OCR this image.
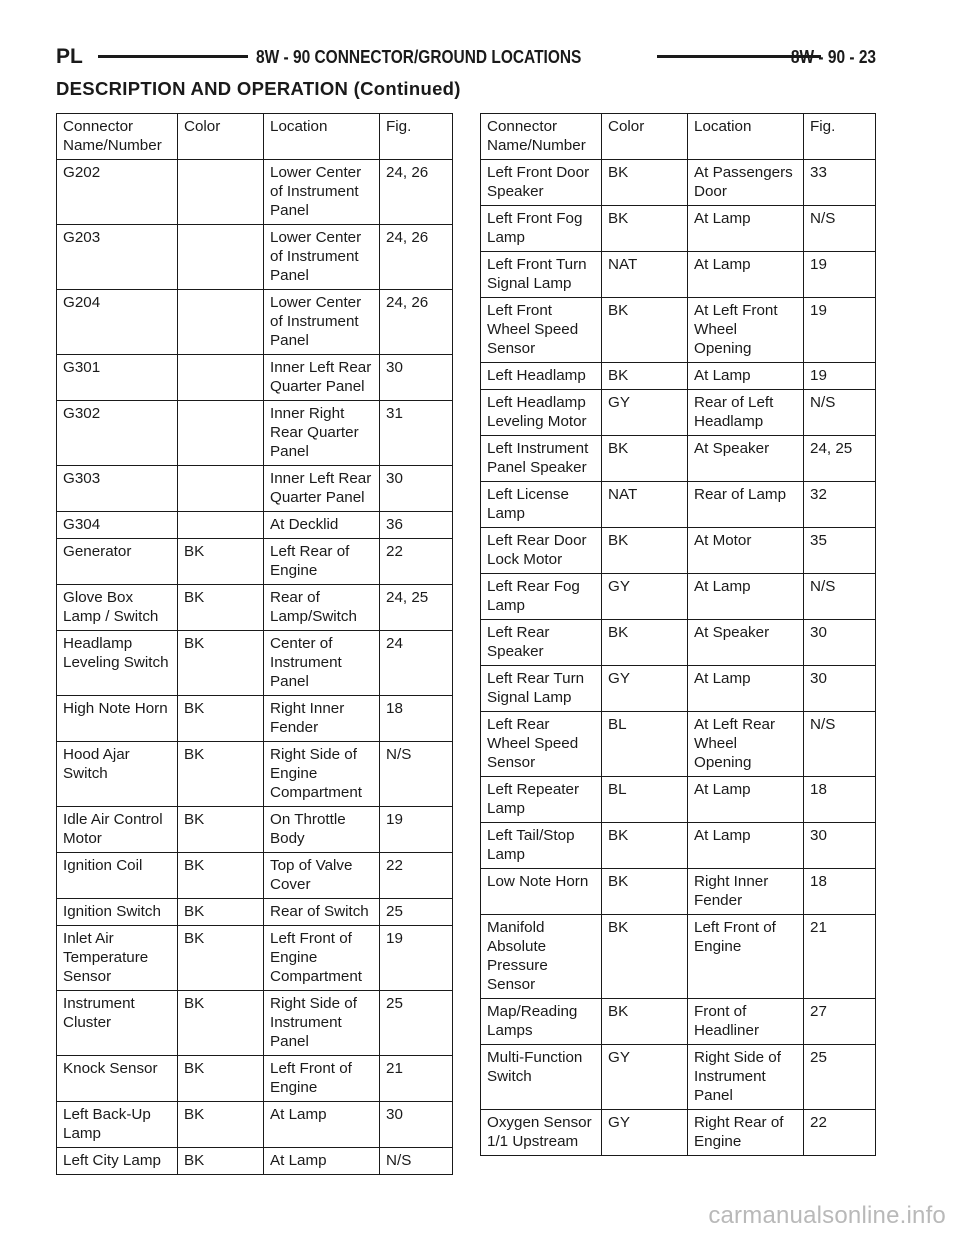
PL	8W - 90 CONNECTOR/GROUND LOCATIONS	8W - 90 - 23
DESCRIPTION AND OPERATION (Continued)
Connector Name/Number	Color	Location	Fig.
G202		Lower Center of Instrument Panel	24, 26
G203		Lower Center of Instrument Panel	24, 26
G204		Lower Center of Instrument Panel	24, 26
G301		Inner Left Rear Quarter Panel	30
G302		Inner Right Rear Quarter Panel	31
G303		Inner Left Rear Quarter Panel	30
G304		At Decklid	36
Generator	BK	Left Rear of Engine	22
Glove Box Lamp / Switch	BK	Rear of Lamp/Switch	24, 25
Headlamp Leveling Switch	BK	Center of Instrument Panel	24
High Note Horn	BK	Right Inner Fender	18
Hood Ajar Switch	BK	Right Side of Engine Compartment	N/S
Idle Air Control Motor	BK	On Throttle Body	19
Ignition Coil	BK	Top of Valve Cover	22
Ignition Switch	BK	Rear of Switch	25
Inlet Air Temperature Sensor	BK	Left Front of Engine Compartment	19
Instrument Cluster	BK	Right Side of Instrument Panel	25
Knock Sensor	BK	Left Front of Engine	21
Left Back-Up Lamp	BK	At Lamp	30
Left City Lamp	BK	At Lamp	N/S
Connector Name/Number	Color	Location	Fig.
Left Front Door Speaker	BK	At Passengers Door	33
Left Front Fog Lamp	BK	At Lamp	N/S
Left Front Turn Signal Lamp	NAT	At Lamp	19
Left Front Wheel Speed Sensor	BK	At Left Front Wheel Opening	19
Left Headlamp	BK	At Lamp	19
Left Headlamp Leveling Motor	GY	Rear of Left Headlamp	N/S
Left Instrument Panel Speaker	BK	At Speaker	24, 25
Left License Lamp	NAT	Rear of Lamp	32
Left Rear Door Lock Motor	BK	At Motor	35
Left Rear Fog Lamp	GY	At Lamp	N/S
Left Rear Speaker	BK	At Speaker	30
Left Rear Turn Signal Lamp	GY	At Lamp	30
Left Rear Wheel Speed Sensor	BL	At Left Rear Wheel Opening	N/S
Left Repeater Lamp	BL	At Lamp	18
Left Tail/Stop Lamp	BK	At Lamp	30
Low Note Horn	BK	Right Inner Fender	18
Manifold Absolute Pressure Sensor	BK	Left Front of Engine	21
Map/Reading Lamps	BK	Front of Headliner	27
Multi-Function Switch	GY	Right Side of Instrument Panel	25
Oxygen Sensor 1/1 Upstream	GY	Right Rear of Engine	22
carmanualsonline.info
